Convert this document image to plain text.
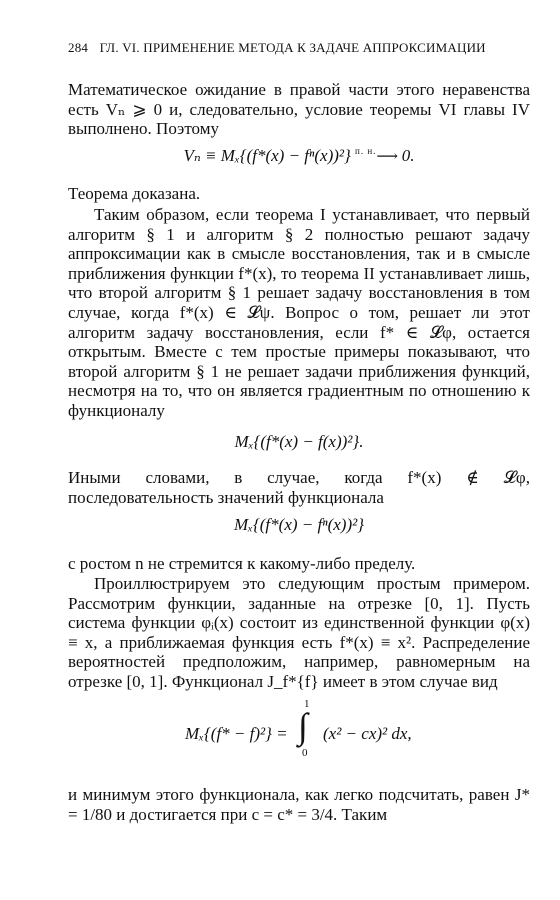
284 ГЛ. VI. ПРИМЕНЕНИЕ МЕТОДА К ЗАДАЧЕ АППРОКСИМАЦИИ

Математическое ожидание в правой части этого неравенства есть Vₙ ⩾ 0 и, следовательно, условие теоремы VI главы IV выполнено. Поэтому

Vₙ ≡ Mₓ{(f*(x) − fⁿ(x))²} $^{п. н.}$⟶ 0.

Теорема доказана.

Таким образом, если теорема I устанавливает, что первый алгоритм § 1 и алгоритм § 2 полностью решают задачу аппроксимации как в смысле восстановления, так и в смысле приближения функции f*(x), то теорема II устанавливает лишь, что второй алгоритм § 1 решает задачу восстановления в том случае, когда f*(x) ∈ 𝓛ψ. Вопрос о том, решает ли этот алгоритм задачу восстановления, если f* ∈ 𝓛φ, остается открытым. Вместе с тем простые примеры показывают, что второй алгоритм § 1 не решает задачи приближения функций, несмотря на то, что он является градиентным по отношению к функционалу

Mₓ{(f*(x) − f(x))²}.

Иными словами, в случае, когда f*(x) ∉ 𝓛φ, последовательность значений функционала

Mₓ{(f*(x) − fⁿ(x))²}

с ростом n не стремится к какому-либо пределу.

Проиллюстрируем это следующим простым примером. Рассмотрим функции, заданные на отрезке [0, 1]. Пусть система функции φᵢ(x) состоит из единственной функции φ(x) ≡ x, а приближаемая функция есть f*(x) ≡ x². Распределение вероятностей предположим, например, равномерным на отрезке [0, 1]. Функционал J_f*{f} имеет в этом случае вид

Mₓ{(f* − f)²} =
1
∫
0
(x² − cx)² dx,

и минимум этого функционала, как легко подсчитать, равен J* = 1/80 и достигается при c = c* = 3/4. Таким
